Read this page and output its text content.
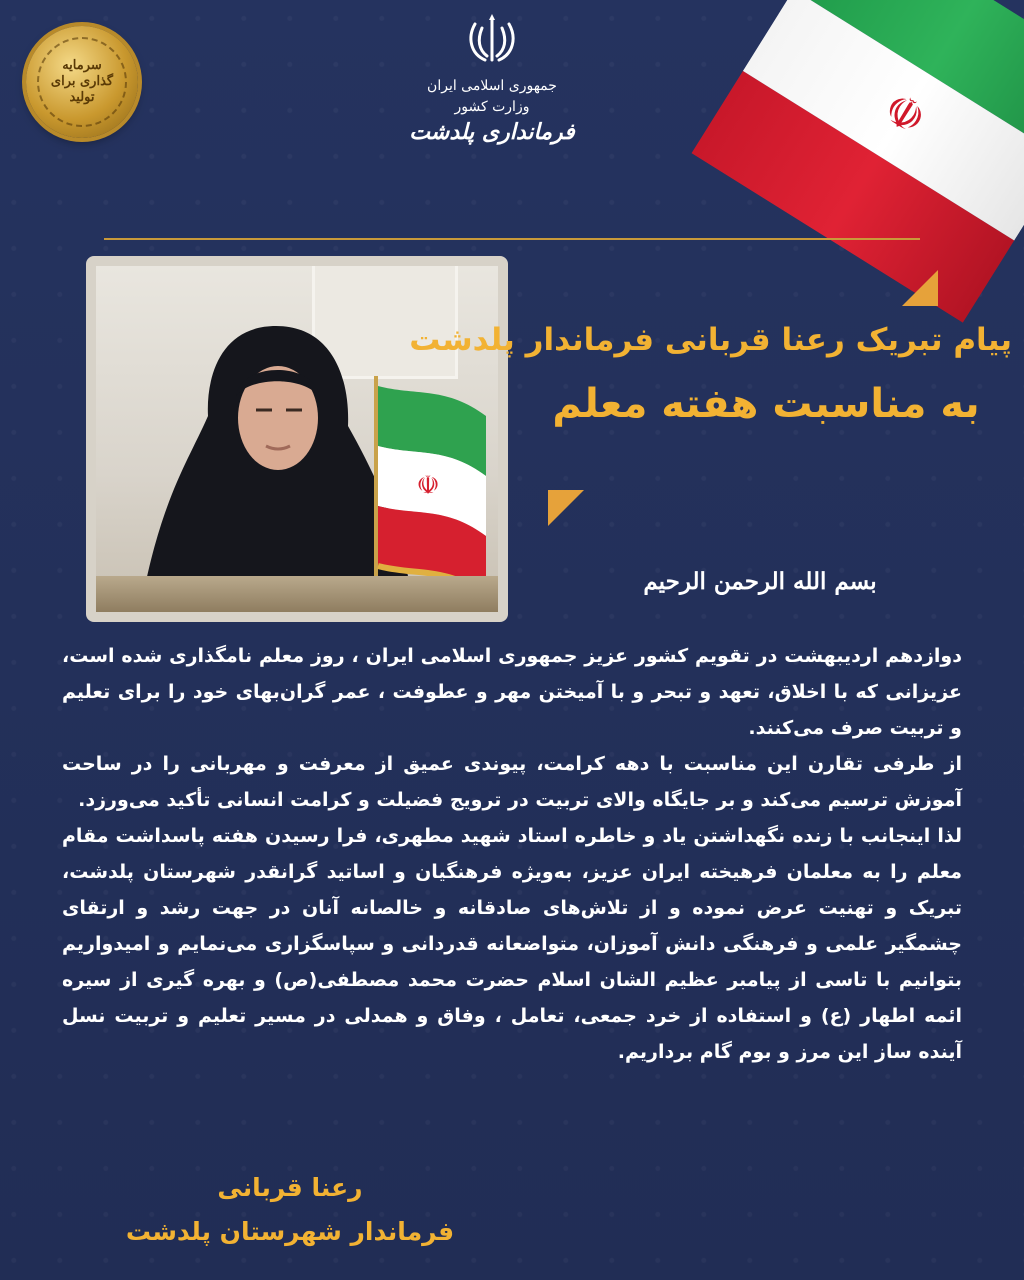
سرمایه گذاری برای تولید	☫
جمهوری اسلامی ایران
وزارت کشور
فرمانداری پلدشت
☫
پیام تبریک رعنا قربانی فرماندار پلدشت
به مناسبت هفته معلم
بسم الله الرحمن الرحیم

دوازدهم اردیبهشت در تقویم کشور عزیز جمهوری اسلامی ایران ، روز معلم نامگذاری شده است، عزیزانی که با اخلاق، تعهد و تبحر و با آمیختن مهر و عطوفت ، عمر گران‌بهای خود را برای تعلیم و تربیت صرف می‌کنند.

از طرفی تقارن این مناسبت با دهه کرامت، پیوندی عمیق از معرفت و مهربانی را در ساحت آموزش ترسیم می‌کند و بر جایگاه والای تربیت در ترویج فضیلت و کرامت انسانی تأکید می‌ورزد.

لذا اینجانب با زنده نگهداشتن یاد و خاطره استاد شهید مطهری، فرا رسیدن هفته پاسداشت مقام معلم را به معلمان فرهیخته ایران عزیز، به‌ویژه فرهنگیان و اساتید گرانقدر شهرستان پلدشت، تبریک و تهنیت عرض نموده و از تلاش‌های صادقانه و خالصانه آنان در جهت رشد و ارتقای چشمگیر علمی و فرهنگی دانش آموزان، متواضعانه قدردانی و سپاسگزاری می‌نمایم و امیدواریم بتوانیم با تاسی از پیامبر عظیم الشان اسلام حضرت محمد مصطفی(ص) و بهره گیری از سیره ائمه اطهار (ع) و استفاده از خرد جمعی، تعامل ، وفاق و همدلی در مسیر تعلیم و تربیت نسل آینده ساز این مرز و بوم گام برداریم.

رعنا قربانی
فرماندار شهرستان پلدشت
